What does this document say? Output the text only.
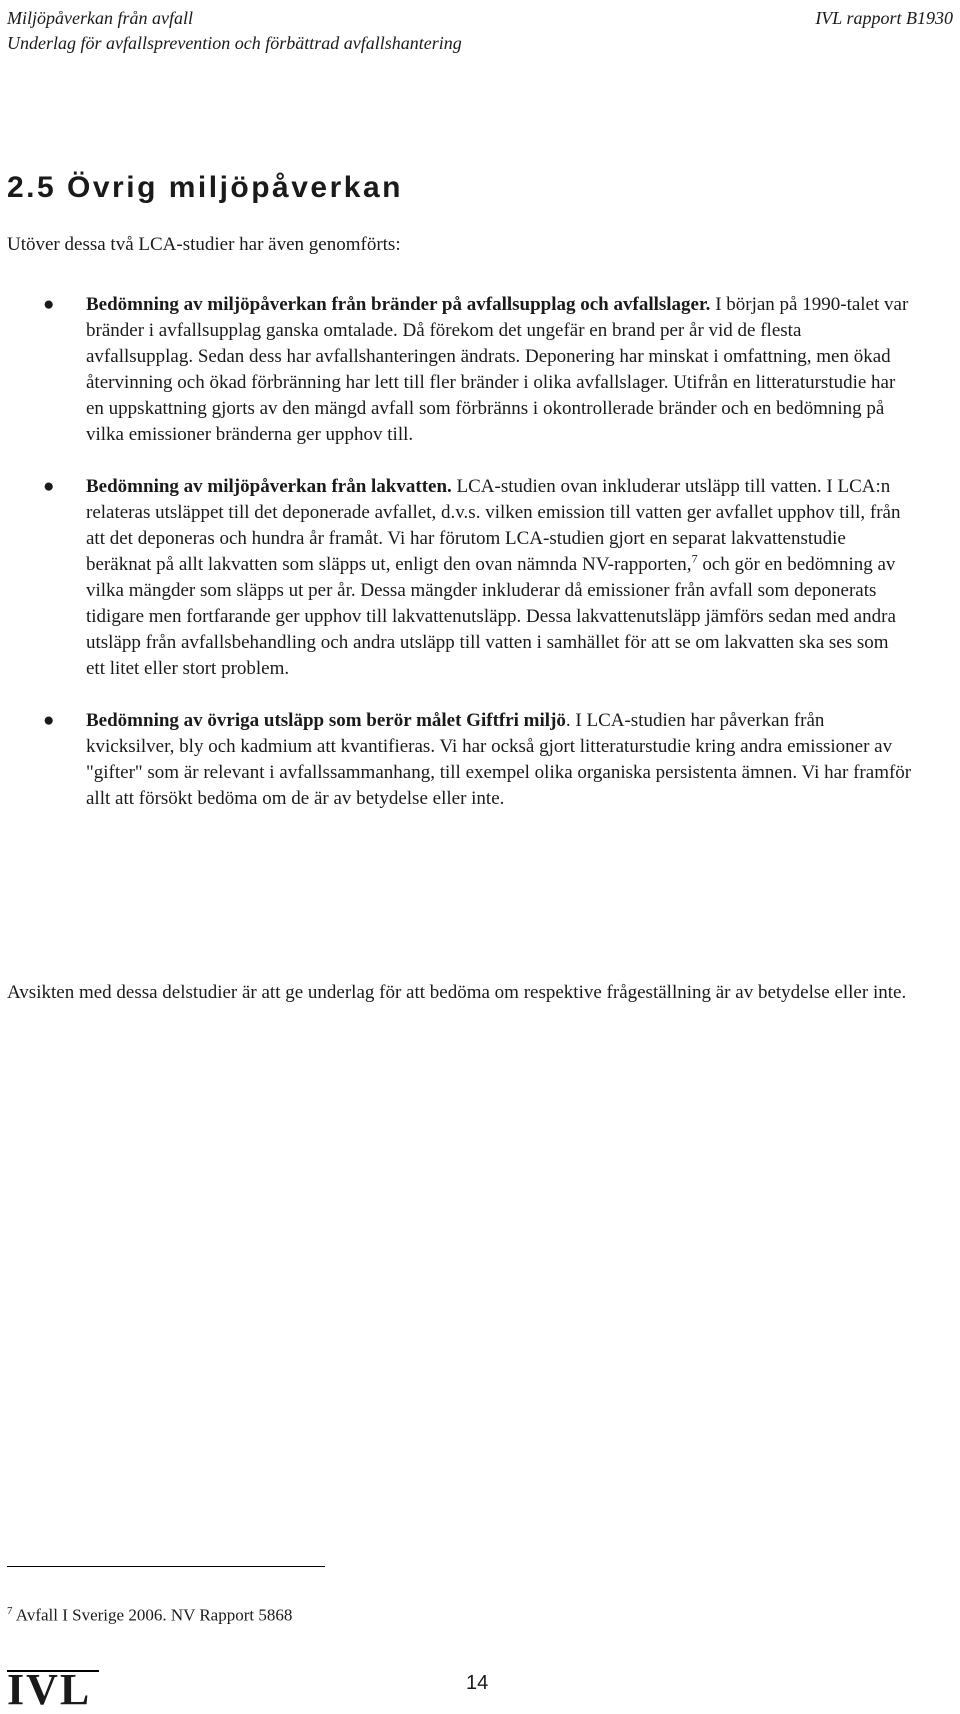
Miljöpåverkan från avfall	IVL rapport B1930
Underlag för avfallsprevention och förbättrad avfallshantering
2.5 Övrig miljöpåverkan

Utöver dessa två LCA-studier har även genomförts:

● Bedömning av miljöpåverkan från bränder på avfallsupplag och avfallslager. I början på 1990-talet var bränder i avfallsupplag ganska omtalade. Då förekom det ungefär en brand per år vid de flesta avfallsupplag. Sedan dess har avfallshanteringen ändrats. Deponering har minskat i omfattning, men ökad återvinning och ökad förbränning har lett till fler bränder i olika avfallslager. Utifrån en litteraturstudie har en uppskattning gjorts av den mängd avfall som förbränns i okontrollerade bränder och en bedömning på vilka emissioner bränderna ger upphov till.
● Bedömning av miljöpåverkan från lakvatten. LCA-studien ovan inkluderar utsläpp till vatten. I LCA:n relateras utsläppet till det deponerade avfallet, d.v.s. vilken emission till vatten ger avfallet upphov till, från att det deponeras och hundra år framåt. Vi har förutom LCA-studien gjort en separat lakvattenstudie beräknat på allt lakvatten som släpps ut, enligt den ovan nämnda NV-rapporten,$^7$ och gör en bedömning av vilka mängder som släpps ut per år. Dessa mängder inkluderar då emissioner från avfall som deponerats tidigare men fortfarande ger upphov till lakvattenutsläpp. Dessa lakvattenutsläpp jämförs sedan med andra utsläpp från avfallsbehandling och andra utsläpp till vatten i samhället för att se om lakvatten ska ses som ett litet eller stort problem.
● Bedömning av övriga utsläpp som berör målet Giftfri miljö. I LCA-studien har påverkan från kvicksilver, bly och kadmium att kvantifieras. Vi har också gjort litteraturstudie kring andra emissioner av "gifter" som är relevant i avfallssammanhang, till exempel olika organiska persistenta ämnen. Vi har framför allt att försökt bedöma om de är av betydelse eller inte.

Avsikten med dessa delstudier är att ge underlag för att bedöma om respektive frågeställning är av betydelse eller inte.

$^7$ Avfall I Sverige 2006. NV Rapport 5868

IVL	14
